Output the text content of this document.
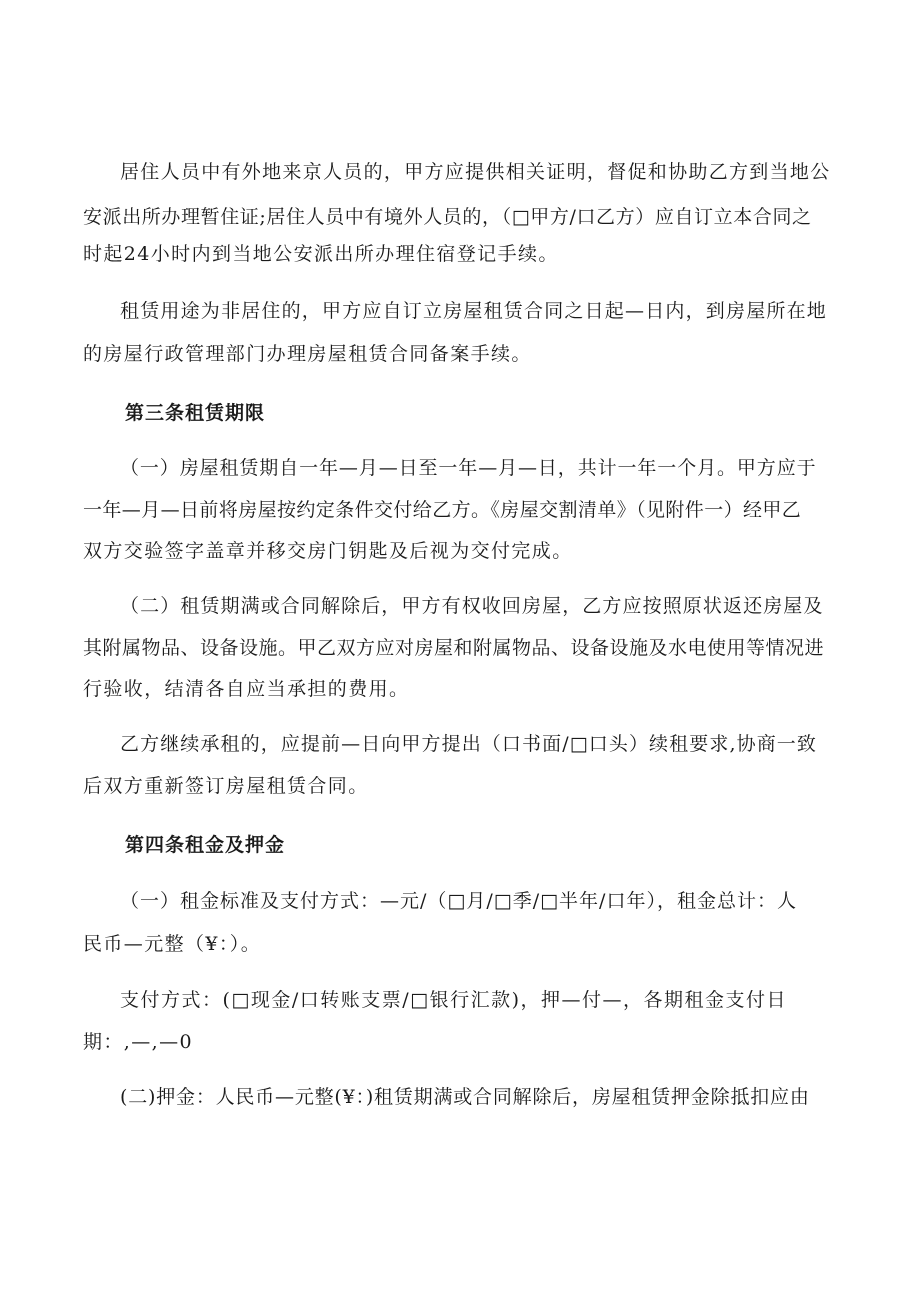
居住人员中有外地来京人员的，甲方应提供相关证明，督促和协助乙方到当地公
安派出所办理暂住证;居住人员中有境外人员的，（□甲方/口乙方）应自订立本合同之
时起24小时内到当地公安派出所办理住宿登记手续。
租赁用途为非居住的，甲方应自订立房屋租赁合同之日起—日内，到房屋所在地
的房屋行政管理部门办理房屋租赁合同备案手续。
第三条租赁期限
（一）房屋租赁期自一年—月—日至一年—月—日，共计一年一个月。甲方应于
一年—月—日前将房屋按约定条件交付给乙方。《房屋交割清单》（见附件一）经甲乙
双方交验签字盖章并移交房门钥匙及后视为交付完成。
（二）租赁期满或合同解除后，甲方有权收回房屋，乙方应按照原状返还房屋及
其附属物品、设备设施。甲乙双方应对房屋和附属物品、设备设施及水电使用等情况进
行验收，结清各自应当承担的费用。
乙方继续承租的，应提前—日向甲方提出（口书面/□口头）续租要求,协商一致
后双方重新签订房屋租赁合同。
第四条租金及押金
（一）租金标准及支付方式：—元/（□月/□季/□半年/口年），租金总计：人
民币—元整（¥：）。
支付方式：(□现金/口转账支票/□银行汇款)，押—付—，各期租金支付日
期：,—,—0
(二)押金：人民币—元整(¥：)租赁期满或合同解除后，房屋租赁押金除抵扣应由
